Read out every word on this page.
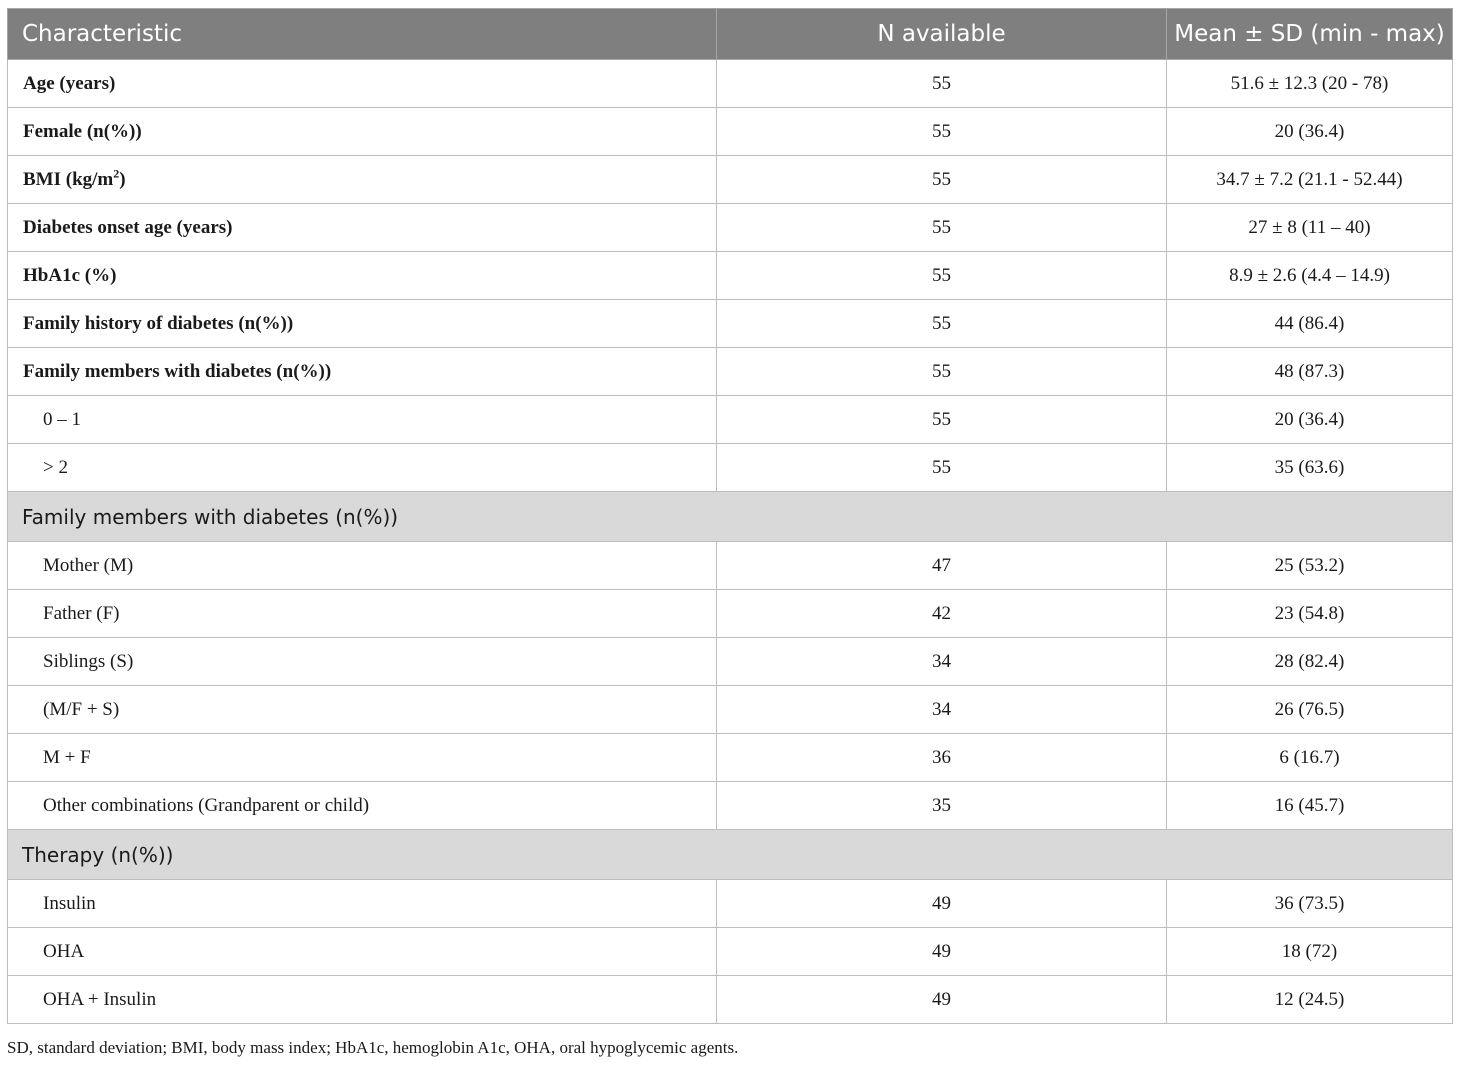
Characteristic	N available	Mean ± SD (min - max)
Age (years)	55	51.6 ± 12.3 (20 - 78)
Female (n(%))	55	20 (36.4)
BMI $(kg/m^2)$	55	34.7 ± 7.2 (21.1 - 52.44)
Diabetes onset age (years)	55	27 ± 8 (11 – 40)
HbA1c (%)	55	8.9 ± 2.6 (4.4 – 14.9)
Family history of diabetes (n(%))	55	44 (86.4)
Family members with diabetes (n(%))	55	48 (87.3)
0 – 1	55	20 (36.4)
> 2	55	35 (63.6)
Family members with diabetes (n(%))		
Mother (M)	47	25 (53.2)
Father (F)	42	23 (54.8)
Siblings (S)	34	28 (82.4)
(M/F + S)	34	26 (76.5)
M + F	36	6 (16.7)
Other combinations (Grandparent or child)	35	16 (45.7)
Therapy (n(%))		
Insulin	49	36 (73.5)
OHA	49	18 (72)
OHA + Insulin	49	12 (24.5)

SD, standard deviation; BMI, body mass index; HbA1c, hemoglobin A1c, OHA, oral hypoglycemic agents.
